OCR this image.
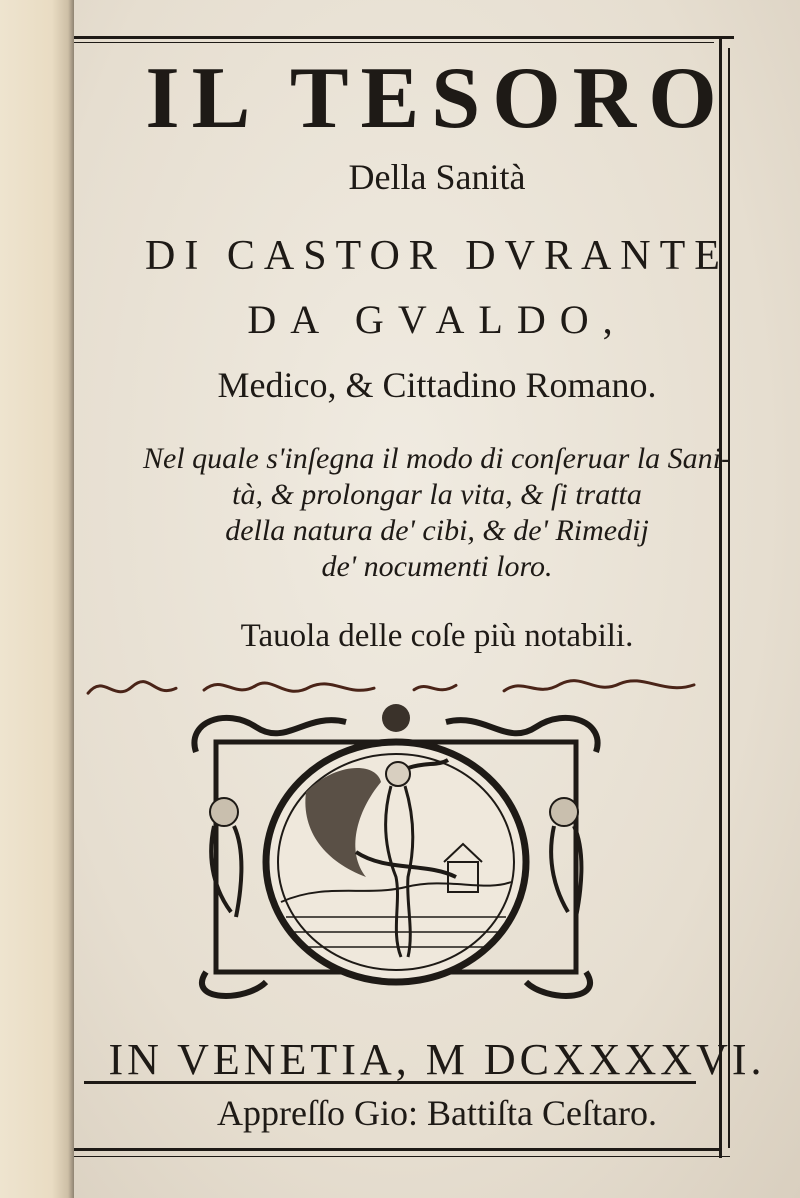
IL TESORO
Della Sanità
DI CASTOR DVRANTE
DA GVALDO,
Medico, & Cittadino Romano.
Nel quale s'inſegna il modo di conſeruar la Sani-
tà, & prolongar la vita, & ſi tratta
della natura de' cibi, & de' Rimedij
de' nocumenti loro.
Tauola delle coſe più notabili.
IN VENETIA, M DCXXXXVI.
Appreſſo Gio: Battiſta Ceſtaro.
